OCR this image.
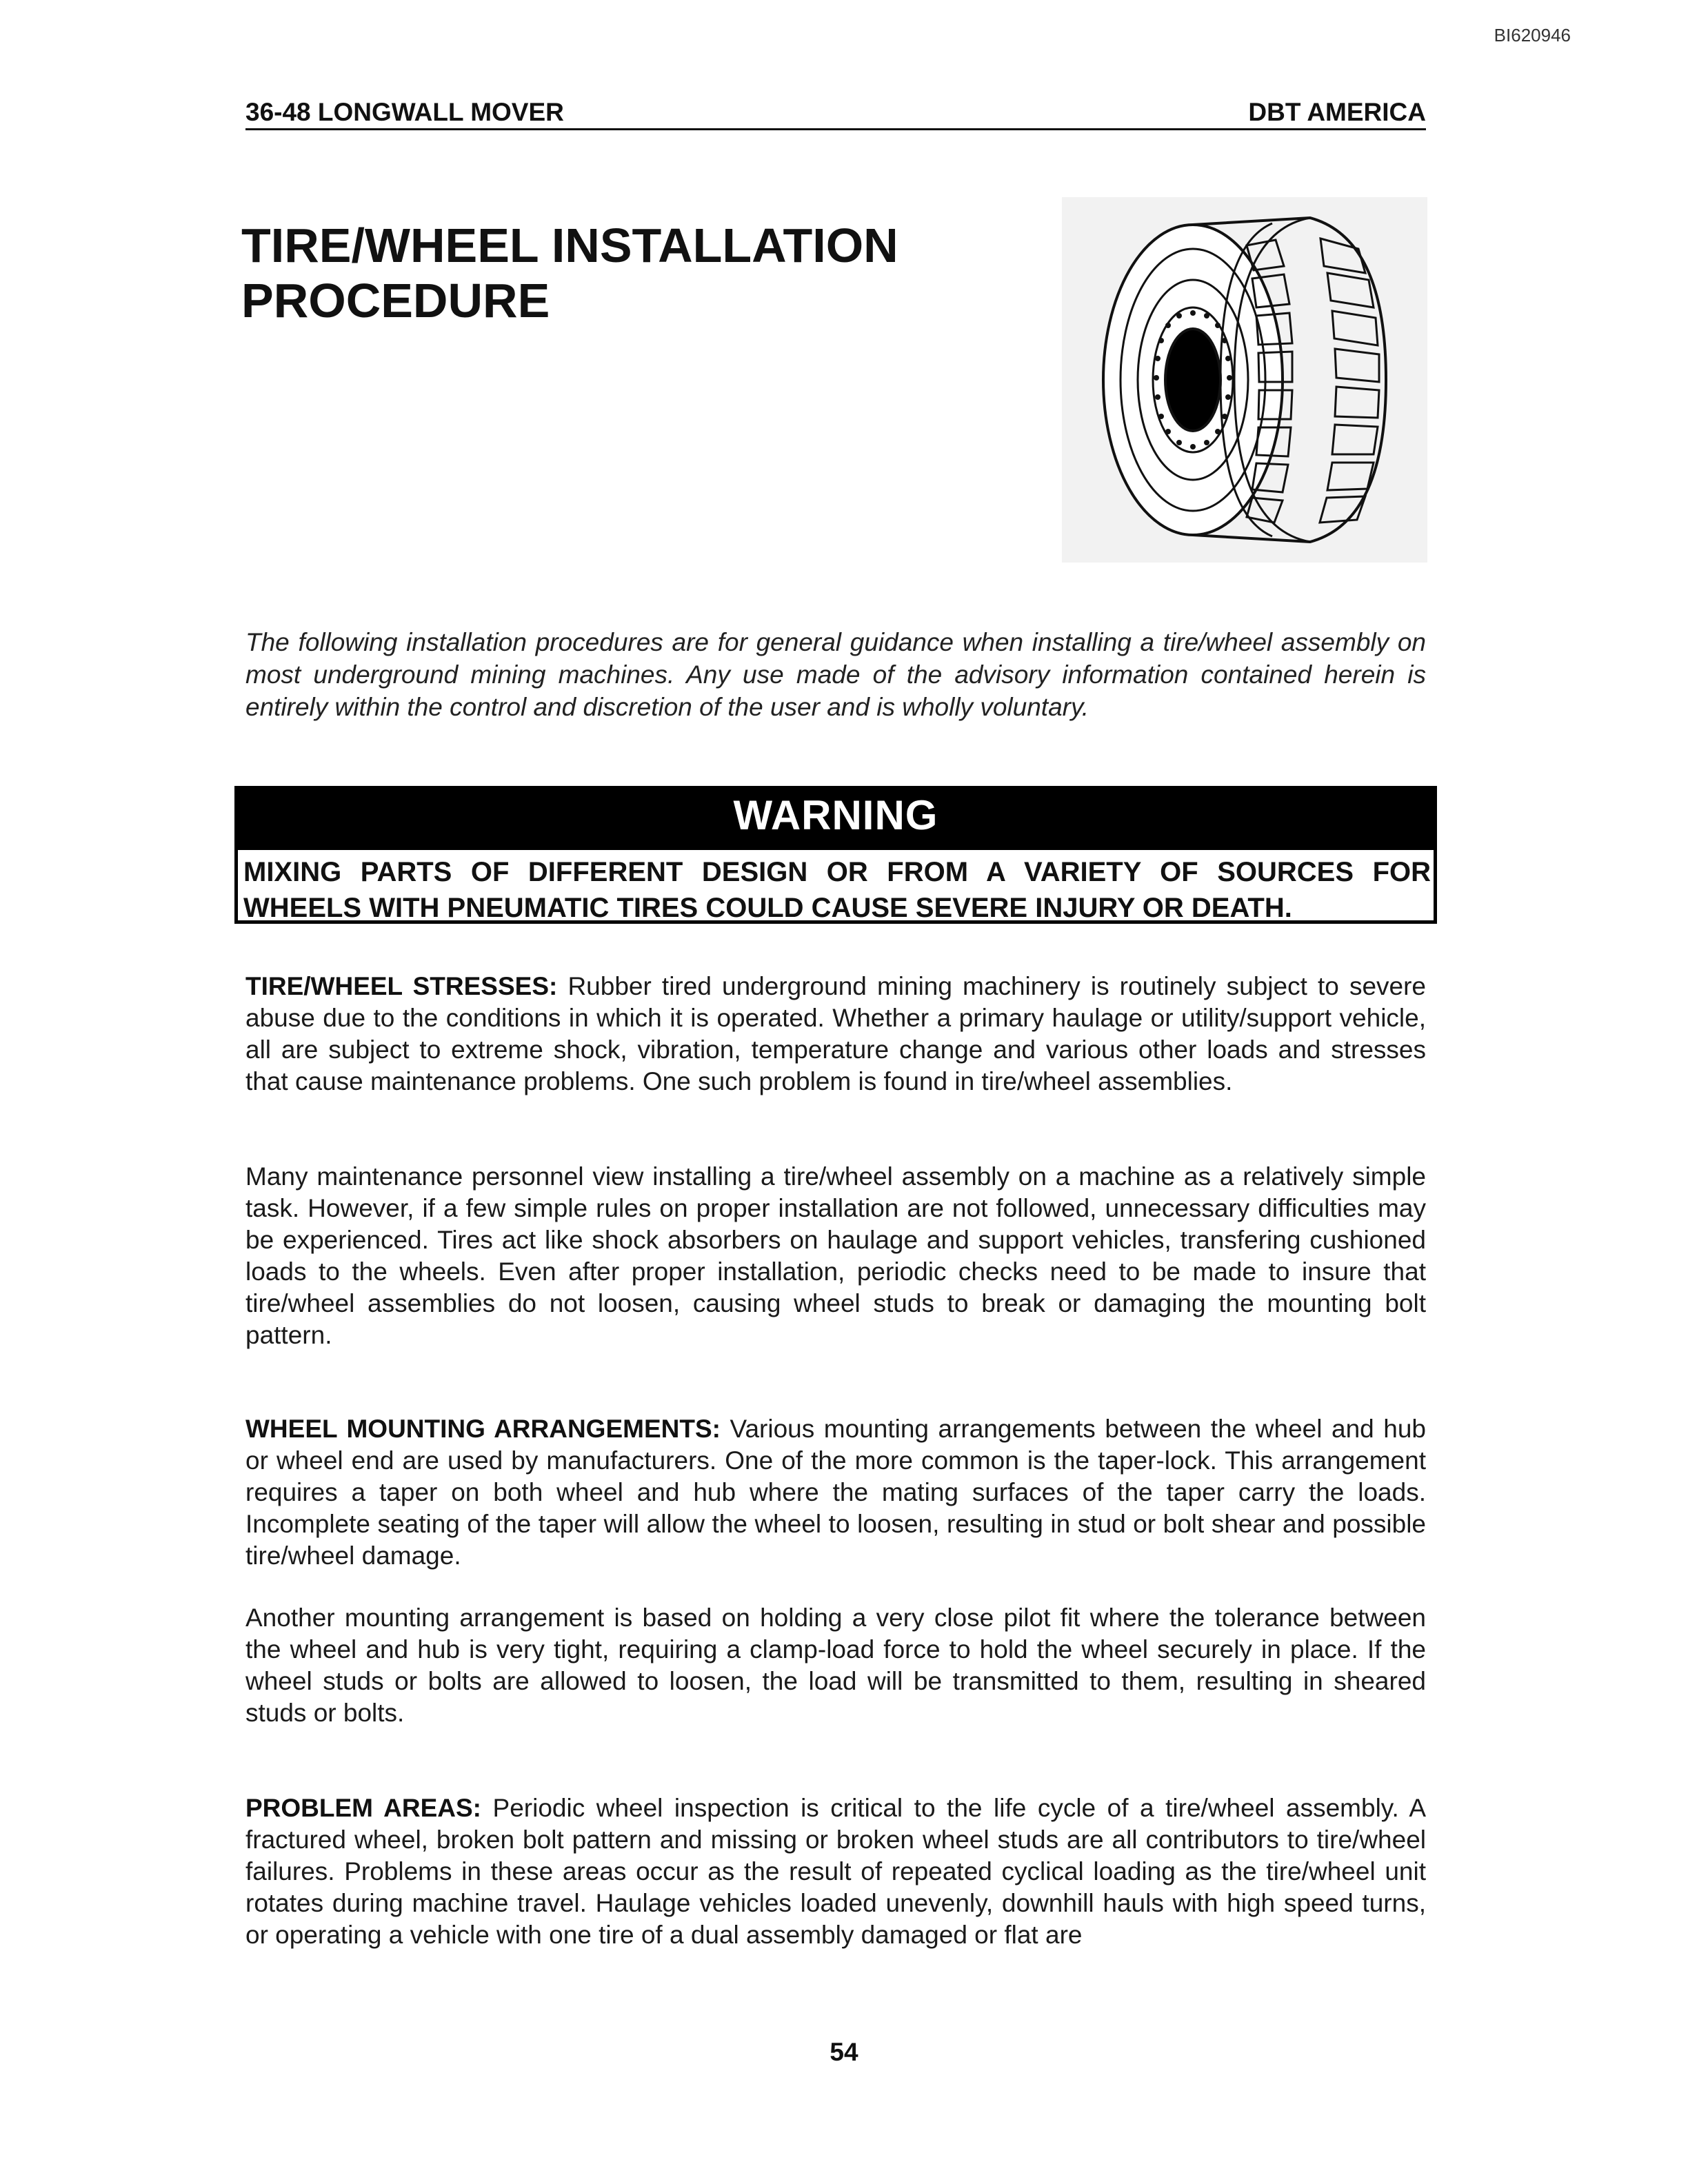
BI620946
36-48 LONGWALL MOVER	DBT AMERICA
TIRE/WHEEL INSTALLATION
PROCEDURE
The following installation procedures are for general guidance when installing a tire/wheel assembly on most underground mining machines. Any use made of the advisory information contained herein is entirely within the control and discretion of the user and is wholly voluntary.
WARNING
MIXING PARTS OF DIFFERENT DESIGN OR FROM A VARIETY OF SOURCES FOR WHEELS WITH PNEUMATIC TIRES COULD CAUSE SEVERE INJURY OR DEATH.
TIRE/WHEEL STRESSES: Rubber tired underground mining machinery is routinely subject to severe abuse due to the conditions in which it is operated. Whether a primary haulage or utility/support vehicle, all are subject to extreme shock, vibration, temperature change and various other loads and stresses that cause maintenance problems. One such problem is found in tire/wheel assemblies.
Many maintenance personnel view installing a tire/wheel assembly on a machine as a relatively simple task. However, if a few simple rules on proper installation are not followed, unnecessary difficulties may be experienced. Tires act like shock absorbers on haulage and support vehicles, transfering cushioned loads to the wheels. Even after proper installation, periodic checks need to be made to insure that tire/wheel assemblies do not loosen, causing wheel studs to break or damaging the mounting bolt pattern.
WHEEL MOUNTING ARRANGEMENTS: Various mounting arrangements between the wheel and hub or wheel end are used by manufacturers. One of the more common is the taper-lock. This arrangement requires a taper on both wheel and hub where the mating surfaces of the taper carry the loads. Incomplete seating of the taper will allow the wheel to loosen, resulting in stud or bolt shear and possible tire/wheel damage.
Another mounting arrangement is based on holding a very close pilot fit where the tolerance between the wheel and hub is very tight, requiring a clamp-load force to hold the wheel securely in place. If the wheel studs or bolts are allowed to loosen, the load will be transmitted to them, resulting in sheared studs or bolts.
PROBLEM AREAS: Periodic wheel inspection is critical to the life cycle of a tire/wheel assembly. A fractured wheel, broken bolt pattern and missing or broken wheel studs are all contributors to tire/wheel failures. Problems in these areas occur as the result of repeated cyclical loading as the tire/wheel unit rotates during machine travel. Haulage vehicles loaded unevenly, downhill hauls with high speed turns, or operating a vehicle with one tire of a dual assembly damaged or flat are
54
